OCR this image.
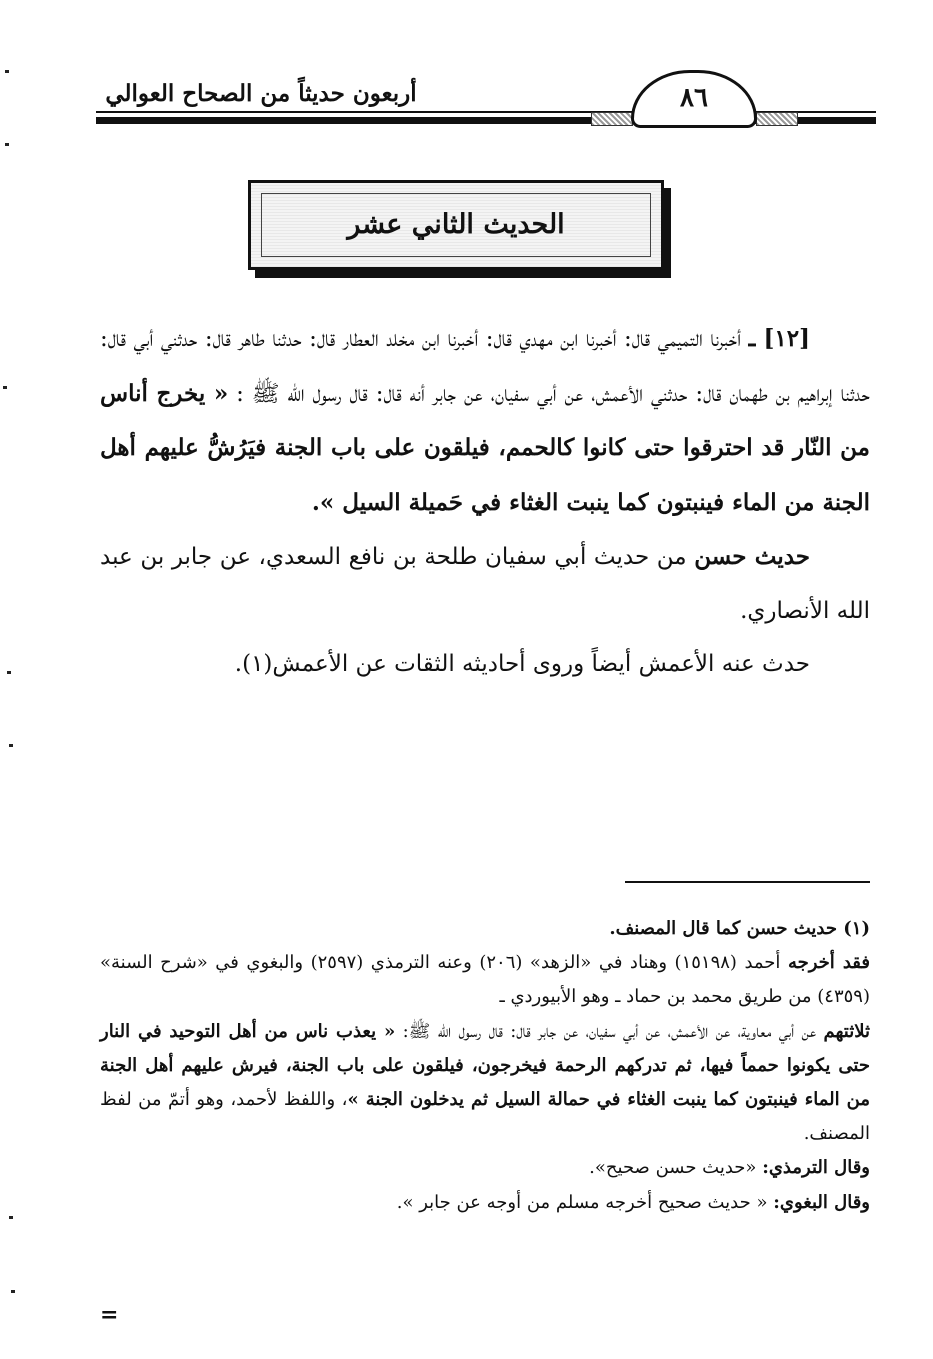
أربعون حديثاً من الصحاح العوالي	٨٦
الحديث الثاني عشر

[١٢] ـ أخبرنا التميمي قال: أخبرنا ابن مهدي قال: أخبرنا ابن مخلد العطار قال: حدثنا طاهر قال: حدثني أبي قال: حدثنا إبراهيم بن طهمان قال: حدثني الأعمش، عن أبي سفيان، عن جابر أنه قال: قال رسول الله ﷺ : « يخرج أناس من النّار قد احترقوا حتى كانوا كالحمم، فيلقون على باب الجنة فيَرُشُّ عليهم أهل الجنة من الماء فينبتون كما ينبت الغثاء في حَميلة السيل ».

حديث حسن من حديث أبي سفيان طلحة بن نافع السعدي، عن جابر بن عبد الله الأنصاري.

حدث عنه الأعمش أيضاً وروى أحاديثه الثقات عن الأعمش(١).

(١) حديث حسن كما قال المصنف.

فقد أخرجه أحمد (١٥١٩٨) وهناد في «الزهد» (٢٠٦) وعنه الترمذي (٢٥٩٧) والبغوي في «شرح السنة» (٤٣٥٩) من طريق محمد بن حماد ـ وهو الأبيوردي ـ

ثلاثتهم عن أبي معاوية، عن الأعمش، عن أبي سفيان، عن جابر قال: قال رسول الله ﷺ: « يعذب ناس من أهل التوحيد في النار حتى يكونوا حمماً فيها، ثم تدركهم الرحمة فيخرجون، فيلقون على باب الجنة، فيرش عليهم أهل الجنة من الماء فينبتون كما ينبت الغثاء في حمالة السيل ثم يدخلون الجنة »، واللفظ لأحمد، وهو أتمّ من لفظ المصنف.

وقال الترمذي: «حديث حسن صحيح».

وقال البغوي: « حديث صحيح أخرجه مسلم من أوجه عن جابر ».

=
